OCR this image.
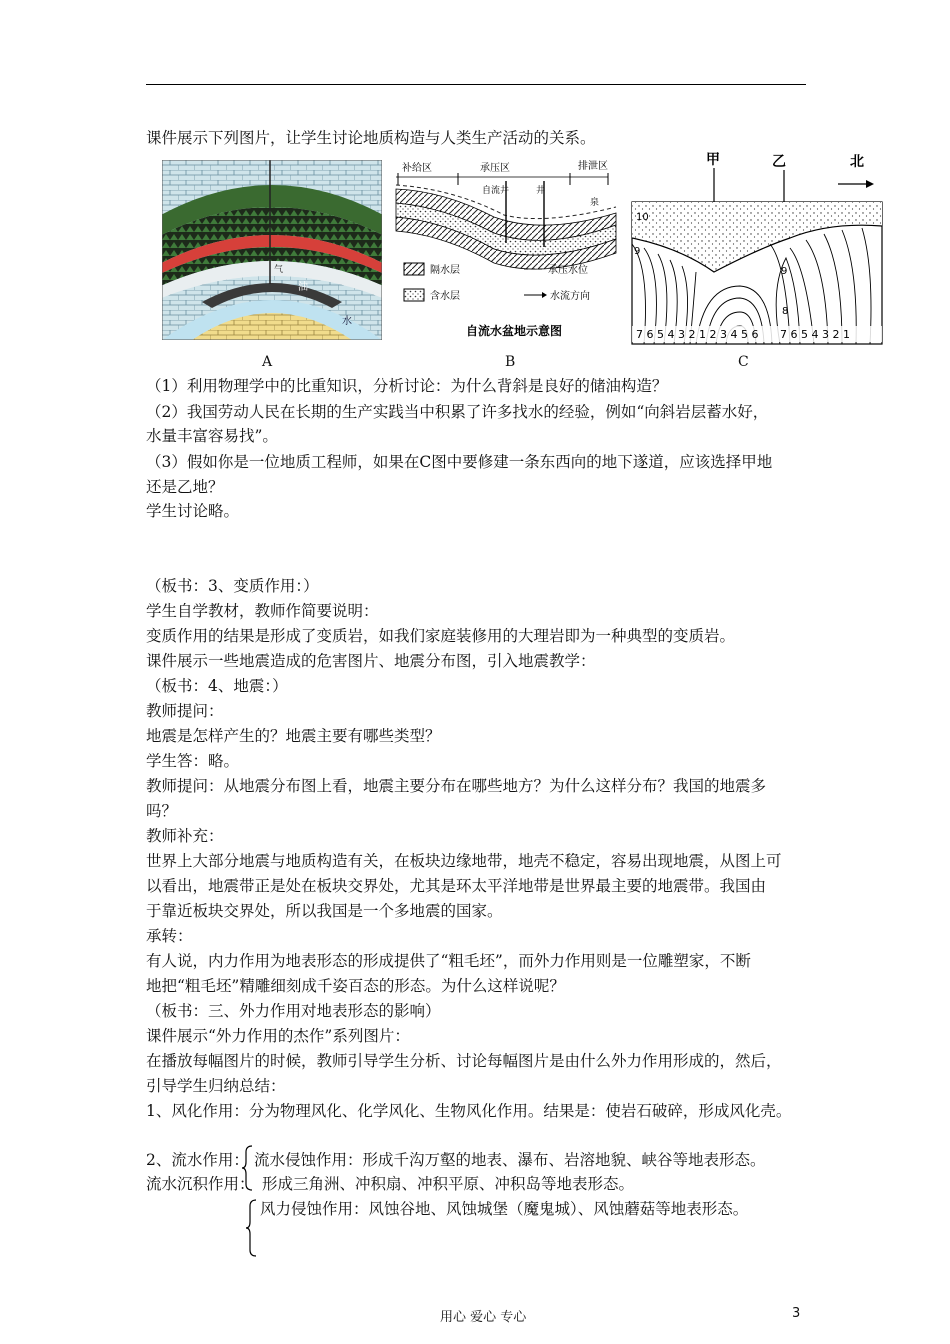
课件展示下列图片，让学生讨论地质构造与人类生产活动的关系。
气
油
水
A
补给区	承压区	排泄区
自流井	井
泉
隔水层	承压水位
含水层	水流方向
自流水盆地示意图
B
甲	乙	北
10
9
9
8
7 6 5 4 3 2 1 2 3 4 5 6 7 6 5 4 3 2 1
C
（1）利用物理学中的比重知识，分析讨论：为什么背斜是良好的储油构造？
（2）我国劳动人民在长期的生产实践当中积累了许多找水的经验，例如“向斜岩层蓄水好，
水量丰富容易找”。
（3）假如你是一位地质工程师，如果在C图中要修建一条东西向的地下遂道，应该选择甲地
还是乙地？
学生讨论略。
（板书：3、变质作用：）
学生自学教材，教师作简要说明：
变质作用的结果是形成了变质岩，如我们家庭装修用的大理岩即为一种典型的变质岩。
课件展示一些地震造成的危害图片、地震分布图，引入地震教学：
（板书：4、地震：）
教师提问：
地震是怎样产生的？地震主要有哪些类型？
学生答：略。
教师提问：从地震分布图上看，地震主要分布在哪些地方？为什么这样分布？我国的地震多
吗？
教师补充：
世界上大部分地震与地质构造有关，在板块边缘地带，地壳不稳定，容易出现地震，从图上可
以看出，地震带正是处在板块交界处，尤其是环太平洋地带是世界最主要的地震带。我国由
于靠近板块交界处，所以我国是一个多地震的国家。
承转：
有人说，内力作用为地表形态的形成提供了“粗毛坯”，而外力作用则是一位雕塑家，不断
地把“粗毛坯”精雕细刻成千姿百态的形态。为什么这样说呢？
（板书：三、外力作用对地表形态的影响）
课件展示“外力作用的杰作”系列图片：
在播放每幅图片的时候，教师引导学生分析、讨论每幅图片是由什么外力作用形成的，然后，
引导学生归纳总结：
1、风化作用：分为物理风化、化学风化、生物风化作用。结果是：使岩石破碎，形成风化壳。
2、流水作用： 流水侵蚀作用：形成千沟万壑的地表、瀑布、岩溶地貌、峡谷等地表形态。
流水沉积作用： 形成三角洲、冲积扇、冲积平原、冲积岛等地表形态。
风力侵蚀作用：风蚀谷地、风蚀城堡（魔鬼城）、风蚀蘑菇等地表形态。
用心 爱心 专心	3
